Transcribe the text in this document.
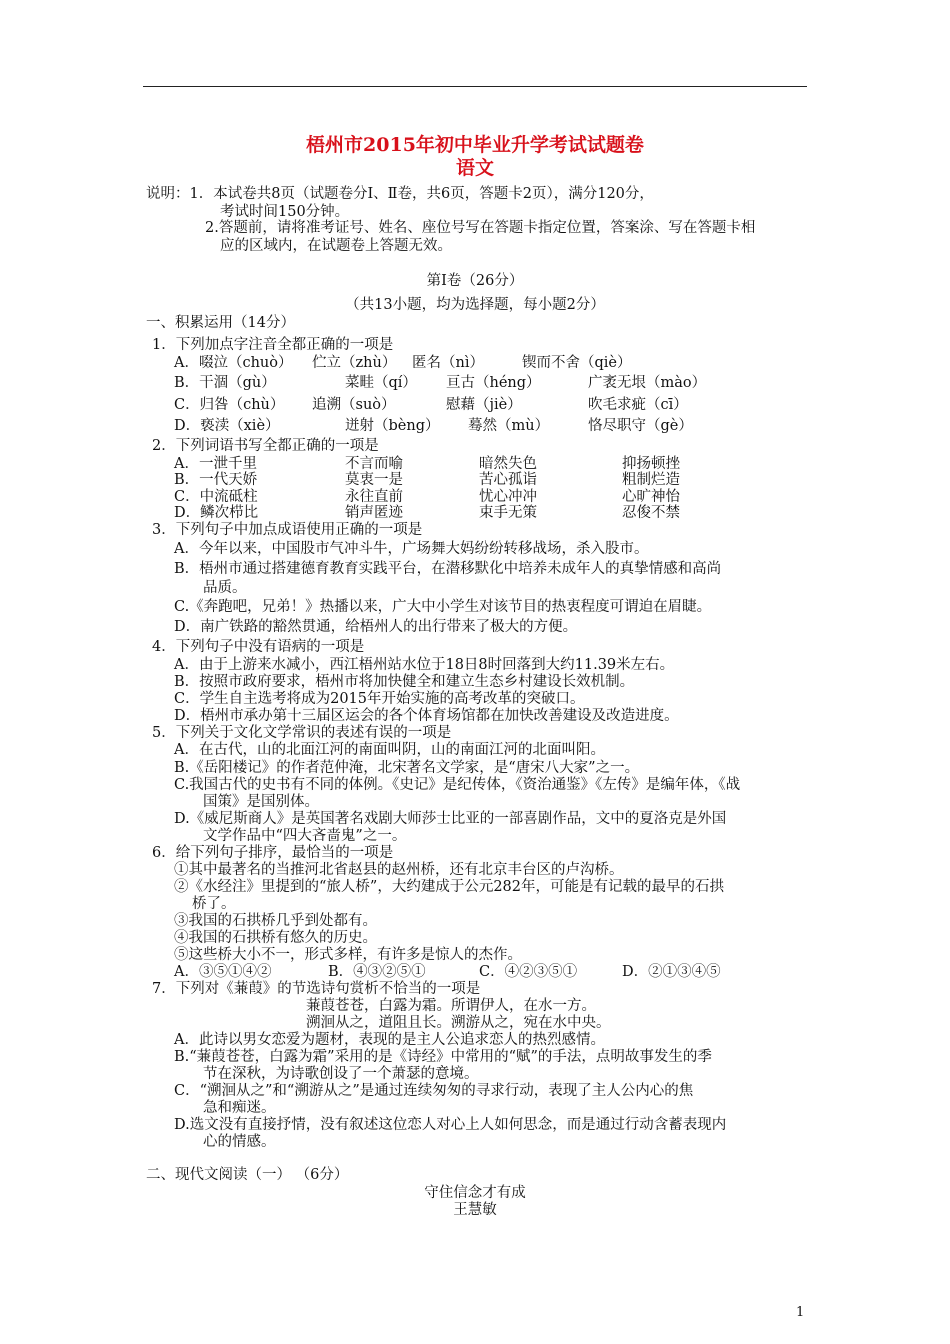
梧州市2015年初中毕业升学考试试题卷
语文
说明：1．本试卷共8页（试题卷分Ⅰ、Ⅱ卷，共6页，答题卡2页），满分120分，
考试时间150分钟。
2.答题前，请将准考证号、姓名、座位号写在答题卡指定位置，答案涂、写在答题卡相
应的区域内，在试题卷上答题无效。
第Ⅰ卷（26分）
（共13小题，均为选择题，每小题2分）
一、积累运用（14分）
1．下列加点字注音全都正确的一项是
A．啜泣（chuò） 伫立（zhù） 匿名（nì）	锲而不舍（qiè）
B．干涸（gù）	菜畦（qí） 亘古（héng）	广袤无垠（mào）
C．归咎（chù） 追溯（suò）	慰藉（jiè）	吹毛求疵（cī）
D．亵渎（xiè）	迸射（bèng） 蓦然（mù）	恪尽职守（gè）
2．下列词语书写全都正确的一项是
A．一泄千里	不言而喻	暗然失色	抑扬顿挫
B．一代天娇	莫衷一是	苦心孤诣	粗制烂造
C．中流砥柱	永往直前	忧心冲冲	心旷神怡
D．鳞次栉比	销声匿迹	束手无策	忍俊不禁
3．下列句子中加点成语使用正确的一项是
A．今年以来，中国股市气冲斗牛，广场舞大妈纷纷转移战场，杀入股市。
B．梧州市通过搭建德育教育实践平台，在潜移默化中培养未成年人的真挚情感和高尚
品质。
C.《奔跑吧，兄弟！》热播以来，广大中小学生对该节目的热衷程度可谓迫在眉睫。
D．南广铁路的豁然贯通，给梧州人的出行带来了极大的方便。
4．下列句子中没有语病的一项是
A．由于上游来水减小，西江梧州站水位于18日8时回落到大约11.39米左右。
B．按照市政府要求，梧州市将加快健全和建立生态乡村建设长效机制。
C．学生自主选考将成为2015年开始实施的高考改革的突破口。
D．梧州市承办第十三届区运会的各个体育场馆都在加快改善建设及改造进度。
5．下列关于文化文学常识的表述有误的一项是
A．在古代，山的北面江河的南面叫阴，山的南面江河的北面叫阳。
B.《岳阳楼记》的作者范仲淹，北宋著名文学家，是“唐宋八大家”之一。
C.我国古代的史书有不同的体例。《史记》是纪传体，《资治通鉴》《左传》是编年体，《战
国策》是国别体。
D.《威尼斯商人》是英国著名戏剧大师莎士比亚的一部喜剧作品，文中的夏洛克是外国
文学作品中“四大吝啬鬼”之一。
6．给下列句子排序，最恰当的一项是
①其中最著名的当推河北省赵县的赵州桥，还有北京丰台区的卢沟桥。
②《水经注》里提到的“旅人桥”，大约建成于公元282年，可能是有记载的最早的石拱
桥了。
③我国的石拱桥几乎到处都有。
④我国的石拱桥有悠久的历史。
⑤这些桥大小不一，形式多样，有许多是惊人的杰作。
A．③⑤①④②	B．④③②⑤①	C．④②③⑤①	D．②①③④⑤
7．下列对《蒹葭》的节选诗句赏析不恰当的一项是
蒹葭苍苍，白露为霜。所谓伊人，在水一方。
溯洄从之，道阻且长。溯游从之，宛在水中央。
A．此诗以男女恋爱为题材，表现的是主人公追求恋人的热烈感情。
B.“蒹葭苍苍，白露为霜”采用的是《诗经》中常用的“赋”的手法，点明故事发生的季
节在深秋，为诗歌创设了一个萧瑟的意境。
C．“溯洄从之”和“溯游从之”是通过连续匆匆的寻求行动，表现了主人公内心的焦
急和痴迷。
D.选文没有直接抒情，没有叙述这位恋人对心上人如何思念，而是通过行动含蓄表现内
心的情感。
二、现代文阅读（一） （6分）
守住信念才有成
王慧敏
1
